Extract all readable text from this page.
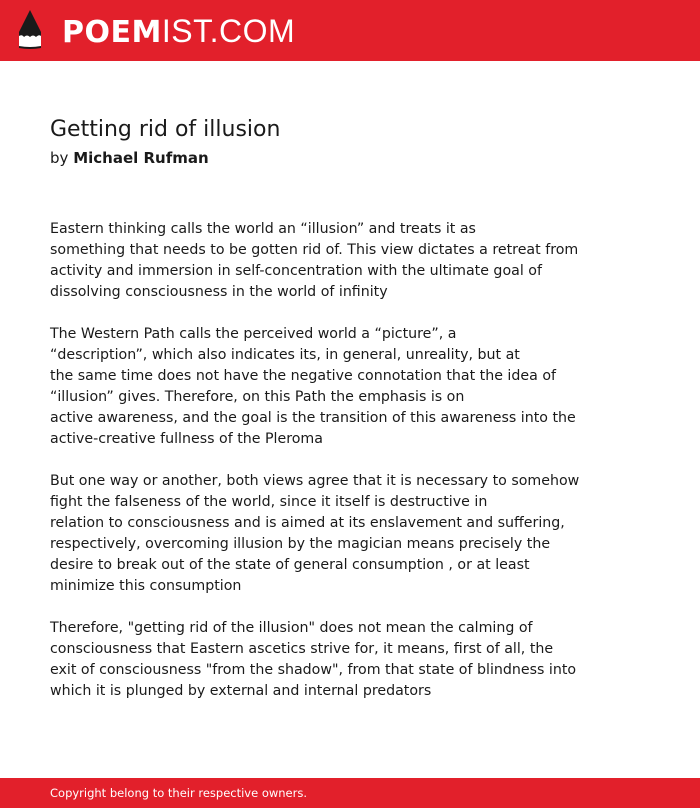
POEMIST.COM
Getting rid of illusion
by Michael Rufman

Eastern thinking calls the world an “illusion” and treats it as
something that needs to be gotten rid of. This view dictates a retreat from
activity and immersion in self-concentration with the ultimate goal of
dissolving consciousness in the world of infinity

The Western Path calls the perceived world a “picture”, a
“description”, which also indicates its, in general, unreality, but at
the same time does not have the negative connotation that the idea of
“illusion” gives. Therefore, on this Path the emphasis is on
active awareness, and the goal is the transition of this awareness into the
active-creative fullness of the Pleroma

But one way or another, both views agree that it is necessary to somehow
fight the falseness of the world, since it itself is destructive in
relation to consciousness and is aimed at its enslavement and suffering,
respectively, overcoming illusion by the magician means precisely the
desire to break out of the state of general consumption , or at least
minimize this consumption

Therefore, "getting rid of the illusion" does not mean the calming of
consciousness that Eastern ascetics strive for, it means, first of all, the
exit of consciousness "from the shadow", from that state of blindness into
which it is plunged by external and internal predators

Copyright belong to their respective owners.
